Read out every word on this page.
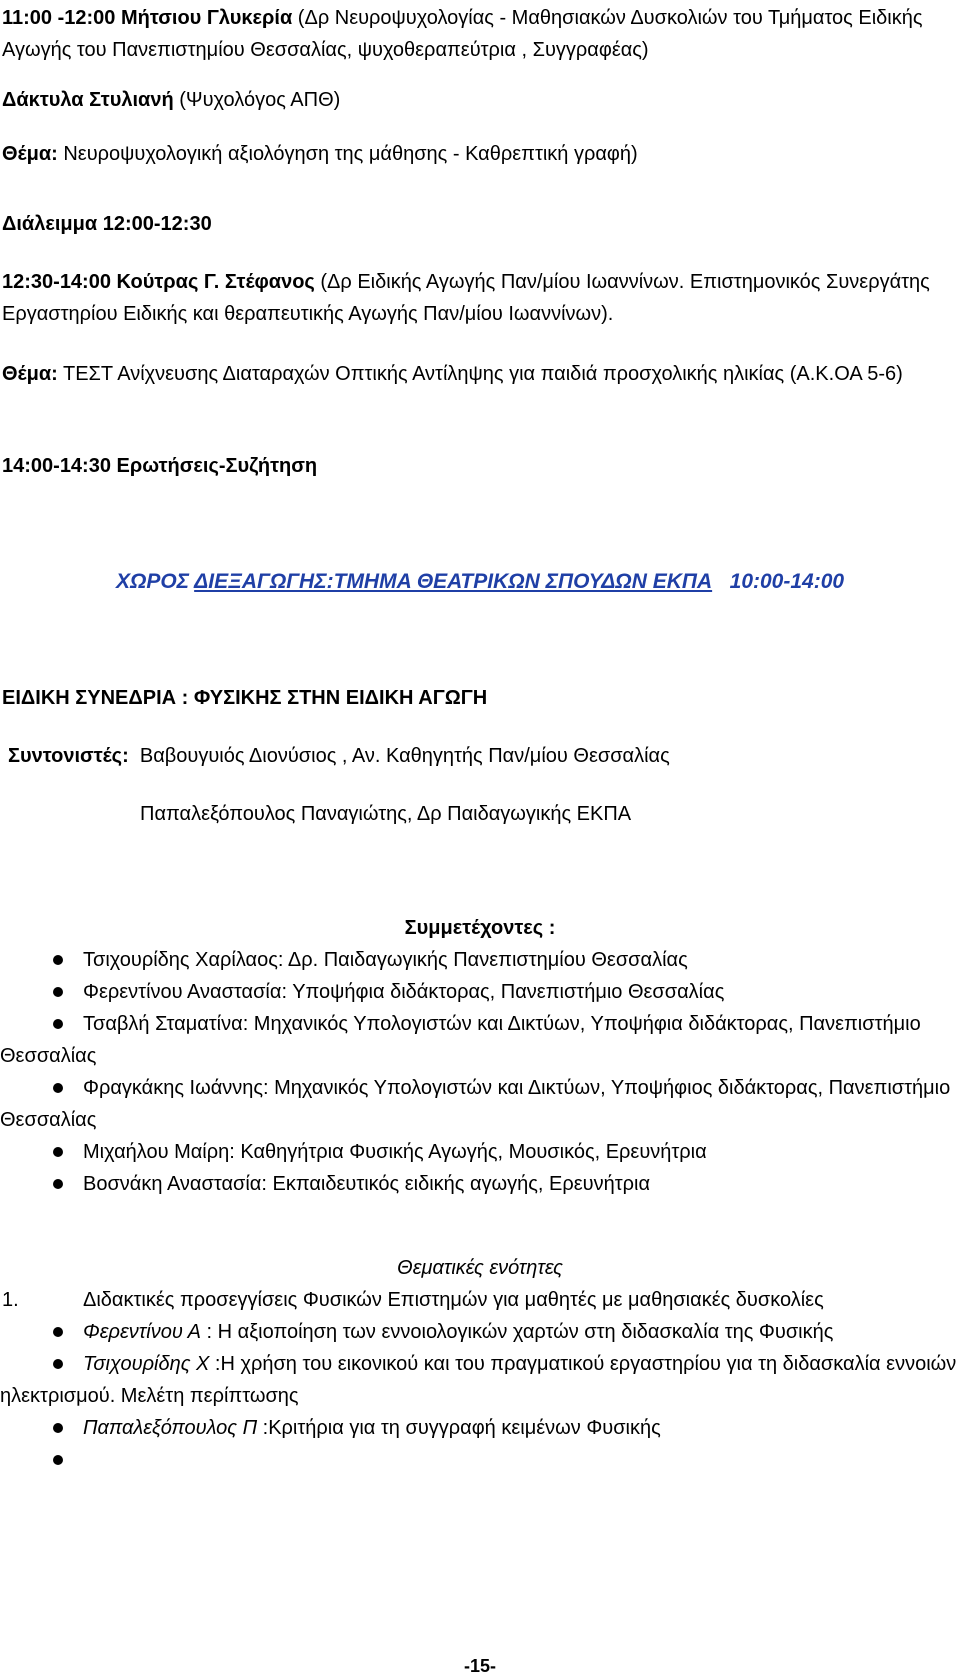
11:00 -12:00 Μήτσιου Γλυκερία (Δρ Νευροψυχολογίας - Μαθησιακών Δυσκολιών του Τμήματος Ειδικής Αγωγής του Πανεπιστημίου Θεσσαλίας, ψυχοθεραπεύτρια , Συγγραφέας)
Δάκτυλα Στυλιανή (Ψυχολόγος ΑΠΘ)
Θέμα: Νευροψυχολογική αξιολόγηση της μάθησης - Καθρεπτική γραφή)
Διάλειμμα 12:00-12:30
12:30-14:00 Κούτρας Γ. Στέφανος (Δρ Ειδικής Αγωγής Παν/μίου Ιωαννίνων. Επιστημονικός Συνεργάτης Εργαστηρίου Ειδικής και θεραπευτικής Αγωγής Παν/μίου Ιωαννίνων).
Θέμα: ΤΕΣΤ Ανίχνευσης Διαταραχών Οπτικής Αντίληψης για παιδιά προσχολικής ηλικίας (Α.Κ.ΟΑ 5-6)
14:00-14:30 Ερωτήσεις-Συζήτηση
ΧΩΡΟΣ ΔΙΕΞΑΓΩΓΗΣ:ΤΜΗΜΑ ΘΕΑΤΡΙΚΩΝ ΣΠΟΥΔΩΝ ΕΚΠΑ 10:00-14:00
ΕΙΔΙΚΗ ΣΥΝΕΔΡΙΑ : ΦΥΣΙΚΗΣ ΣΤΗΝ ΕΙΔΙΚΗ ΑΓΩΓΗ
Συντονιστές: Βαβουγυιός Διονύσιος , Αν. Καθηγητής Παν/μίου Θεσσαλίας
Παπαλεξόπουλος Παναγιώτης, Δρ Παιδαγωγικής ΕΚΠΑ
Συμμετέχοντες :
Τσιχουρίδης Χαρίλαος: Δρ. Παιδαγωγικής Πανεπιστημίου Θεσσαλίας
Φερεντίνου Αναστασία: Υποψήφια διδάκτορας, Πανεπιστήμιο Θεσσαλίας
Τσαβλή Σταματίνα: Μηχανικός Υπολογιστών και Δικτύων, Υποψήφια διδάκτορας, Πανεπιστήμιο Θεσσαλίας
Φραγκάκης Ιωάννης: Μηχανικός Υπολογιστών και Δικτύων, Υποψήφιος διδάκτορας, Πανεπιστήμιο Θεσσαλίας
Μιχαήλου Μαίρη: Καθηγήτρια Φυσικής Αγωγής, Μουσικός, Ερευνήτρια
Βοσνάκη Αναστασία: Εκπαιδευτικός ειδικής αγωγής, Ερευνήτρια
Θεματικές ενότητες
1.	Διδακτικές προσεγγίσεις Φυσικών Επιστημών για μαθητές με μαθησιακές δυσκολίες
Φερεντίνου Α : Η αξιοποίηση των εννοιολογικών χαρτών στη διδασκαλία της Φυσικής
Τσιχουρίδης Χ :Η χρήση του εικονικού και του πραγματικού εργαστηρίου για τη διδασκαλία εννοιών ηλεκτρισμού. Μελέτη περίπτωσης
Παπαλεξόπουλος Π :Κριτήρια για τη συγγραφή κειμένων Φυσικής

-15-
